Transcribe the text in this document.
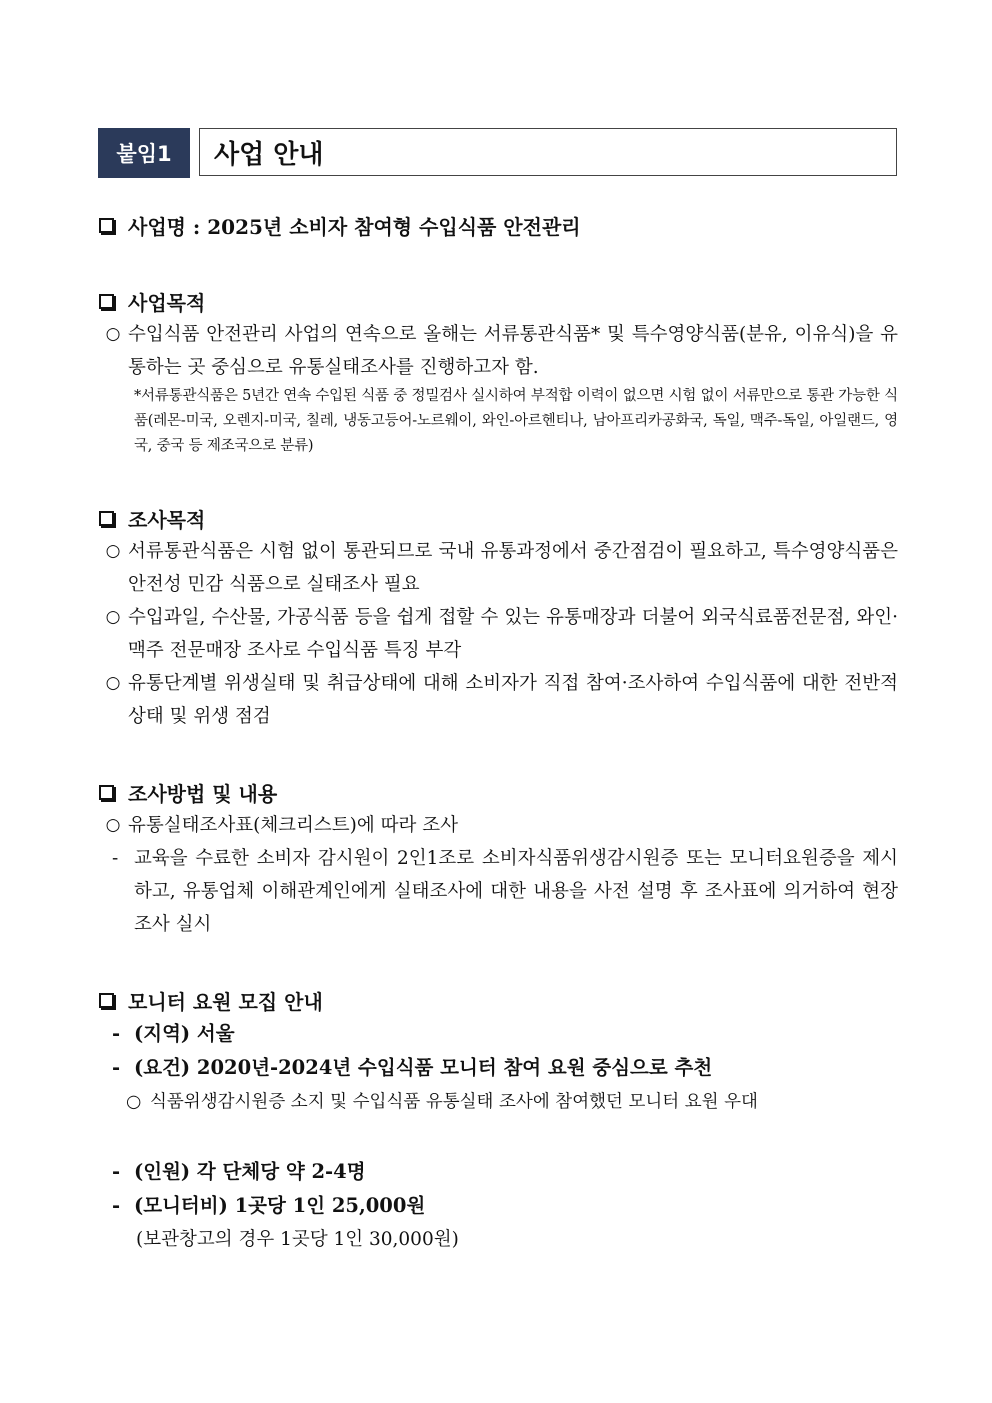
붙임1	사업 안내
사업명 : 2025년 소비자 참여형 수입식품 안전관리
사업목적
○ 수입식품 안전관리 사업의 연속으로 올해는 서류통관식품* 및 특수영양식품(분유, 이유식)을 유통하는 곳 중심으로 유통실태조사를 진행하고자 함.
*서류통관식품은 5년간 연속 수입된 식품 중 정밀검사 실시하여 부적합 이력이 없으면 시험 없이 서류만으로 통관 가능한 식품(레몬-미국, 오렌지-미국, 칠레, 냉동고등어-노르웨이, 와인-아르헨티나, 남아프리카공화국, 독일, 맥주-독일, 아일랜드, 영국, 중국 등 제조국으로 분류)
조사목적
○ 서류통관식품은 시험 없이 통관되므로 국내 유통과정에서 중간점검이 필요하고, 특수영양식품은 안전성 민감 식품으로 실태조사 필요
○ 수입과일, 수산물, 가공식품 등을 쉽게 접할 수 있는 유통매장과 더불어 외국식료품전문점, 와인·맥주 전문매장 조사로 수입식품 특징 부각
○ 유통단계별 위생실태 및 취급상태에 대해 소비자가 직접 참여·조사하여 수입식품에 대한 전반적 상태 및 위생 점검
조사방법 및 내용
○ 유통실태조사표(체크리스트)에 따라 조사
- 교육을 수료한 소비자 감시원이 2인1조로 소비자식품위생감시원증 또는 모니터요원증을 제시하고, 유통업체 이해관계인에게 실태조사에 대한 내용을 사전 설명 후 조사표에 의거하여 현장조사 실시
모니터 요원 모집 안내
- (지역) 서울
- (요건) 2020년-2024년 수입식품 모니터 참여 요원 중심으로 추천
○ 식품위생감시원증 소지 및 수입식품 유통실태 조사에 참여했던 모니터 요원 우대
- (인원) 각 단체당 약 2-4명
- (모니터비) 1곳당 1인 25,000원
(보관창고의 경우 1곳당 1인 30,000원)
